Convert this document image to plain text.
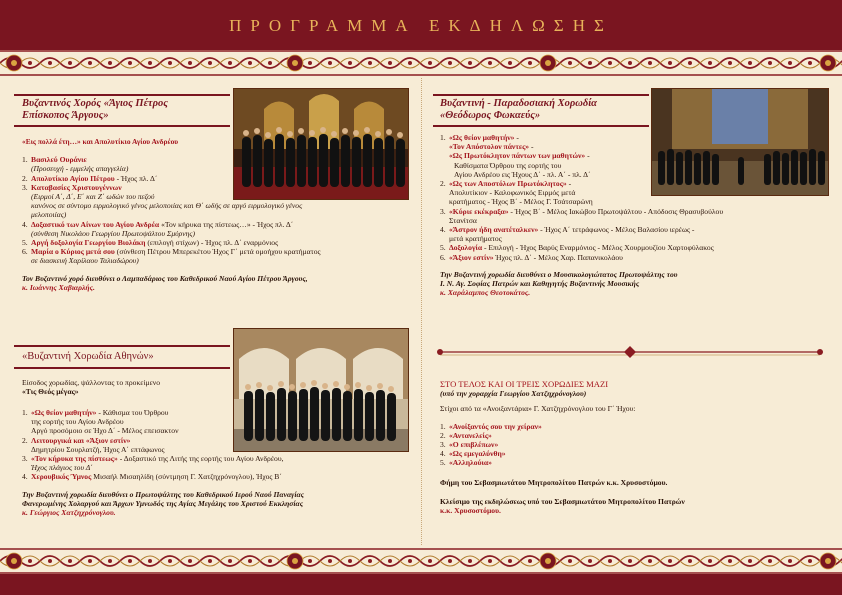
ΠΡΟΓΡΑΜΜΑ ΕΚΔΗΛΩΣΗΣ
Βυζαντινός Χορός «Άγιος Πέτρος
Επίσκοπος Άργους»

«Εις πολλά έτη…» και Απολυτίκιο Αγίου Ανδρέου

1. Βασιλεύ Ουράνιε
(Προσευχή - εμμελής απαγγελία)
2. Απολυτίκιο Αγίου Πέτρου - Ήχος πλ. Δ΄
3. Καταβασίες Χριστουγέννων
(Ειρμοί Α΄, Δ΄, Ε΄ και Ζ΄ ωδών του πεζού
κανόνος σε σύντομο ειρμολογικό γένος μελοποιίας και Θ΄ ωδής σε αργό ειρμολογικό γένος
μελοποιίας)
4. Δοξαστικό των Αίνων του Αγίου Ανδρέα «Τον κήρυκα της πίστεως…» - Ήχος πλ. Δ΄
(σύνθεση Νικολάου Γεωργίου Πρωτοψάλτου Σμύρνης)
5. Αργή δοξολογία Γεωργίου Βιολάκη (επιλογή στίχων) - Ήχος πλ. Δ΄ εναρμόνιος
6. Μαρία ο Κύριος μετά σου (σύνθεση Πέτρου Μπερεκέτου Ήχος Γ΄ μετά ομοήχου κρατήματος
σε διασκευή Χαρίλαου Ταλιαδώρου)
Τον Βυζαντινό χορό διευθύνει ο Λαμπαδάριος του Καθεδρικού Ναού Αγίου Πέτρου Άργους,
κ. Ιωάννης Χαβιαρλής.
«Βυζαντινή Χορωδία Αθηνών»
Είσοδος χορωδίας, ψάλλοντας το προκείμενο
«Τις Θεός μέγας»
1. «Ως θείον μαθητήν» - Κάθισμα του Όρθρου
της εορτής του Αγίου Ανδρέου
Αργό προσόμοιο σε Ήχο Δ΄ - Μέλος επεισακτον
2. Λειτουργικά και «Άξιον εστίν»
Δημητρίου Σουρλατζή, Ήχος Α΄ επτάφωνος
3. «Τον κήρυκα της πίστεως» - Δοξαστικό της Λιτής της εορτής του Αγίου Ανδρέου,
Ήχος πλάγιος του Δ΄
4. Χερουβικός Ύμνος Μισαήλ Μισαηλίδη (σύντμηση Γ. Χατζηχρόνογλου), Ήχος Β΄
Την Βυζαντινή χορωδία διευθύνει ο Πρωτοψάλτης του Καθεδρικού Ιερού Ναού Παναγίας
Φανερωμένης Χολαργού και Άρχων Υμνωδός της Αγίας Μεγάλης του Χριστού Εκκλησίας
κ. Γεώργιος Χατζηχρόνογλου.
Βυζαντινή - Παραδοσιακή Χορωδία
«Θεόδωρος Φωκαεύς»
1. «Ως θείον μαθητήν» -
«Τον Απόστολον πάντες» -
«Ως Πρωτόκλητον πάντων των μαθητών» -
Καθίσματα Όρθρου της εορτής του
Αγίου Ανδρέου εις Ήχους Δ΄ - πλ. Α΄ - πλ. Δ΄
2. «Ως των Αποστόλων Πρωτόκλητος» -
Απολυτίκιον - Καλοφωνικός Ειρμός μετά
κρατήματος - Ήχος Β΄ - Μέλος Γ. Τσάτσαρώνη
3. «Κύριε εκέκραξα» - Ήχος Β΄ - Μέλος Ιακώβου Πρωτοψάλτου - Απόδοσις Θρασυβούλου
Στανίτσα
4. «Άστρον ήδη ανατέταλκεν» - Ήχος Α΄ τετράφωνος - Μέλος Βαλασίου ιερέως -
μετά κρατήματος
5. Δοξολογία - Επιλογή - Ήχος Βαρύς Εναρμόνιος - Μέλος Χουρμουζίου Χαρτοφύλακος
6. «Άξιον εστίν» Ήχος πλ. Δ΄ - Μέλος Χαρ. Παπανικολάου
Την Βυζαντινή χορωδία διευθύνει ο Μουσικολογιώτατος Πρωτοψάλτης του
Ι. Ν. Αγ. Σοφίας Πατρών και Καθηγητής Βυζαντινής Μουσικής
κ. Χαράλαμπος Θεοτοκάτος.
ΣΤΟ ΤΕΛΟΣ ΚΑΙ ΟΙ ΤΡΕΙΣ ΧΟΡΩΔΙΕΣ ΜΑΖΙ
(υπό την χοραρχία Γεωργίου Χατζηχρόνογλου)
Στίχοι από τα «Ανοιξαντάρια» Γ. Χατζηχρόνογλου του Γ΄ Ήχου:
1. «Ανοίξαντός σου την χείραν»
2. «Αντανελείς»
3. «Ο επιβλέπων»
4. «Ως εμεγαλύνθη»
5. «Αλληλούια»
Φήμη του Σεβασμιωτάτου Μητροπολίτου Πατρών κ.κ. Χρυσοστόμου.
Κλείσιμο της εκδηλώσεως υπό του Σεβασμιωτάτου Μητροπολίτου Πατρών
κ.κ. Χρυσοστόμου.
